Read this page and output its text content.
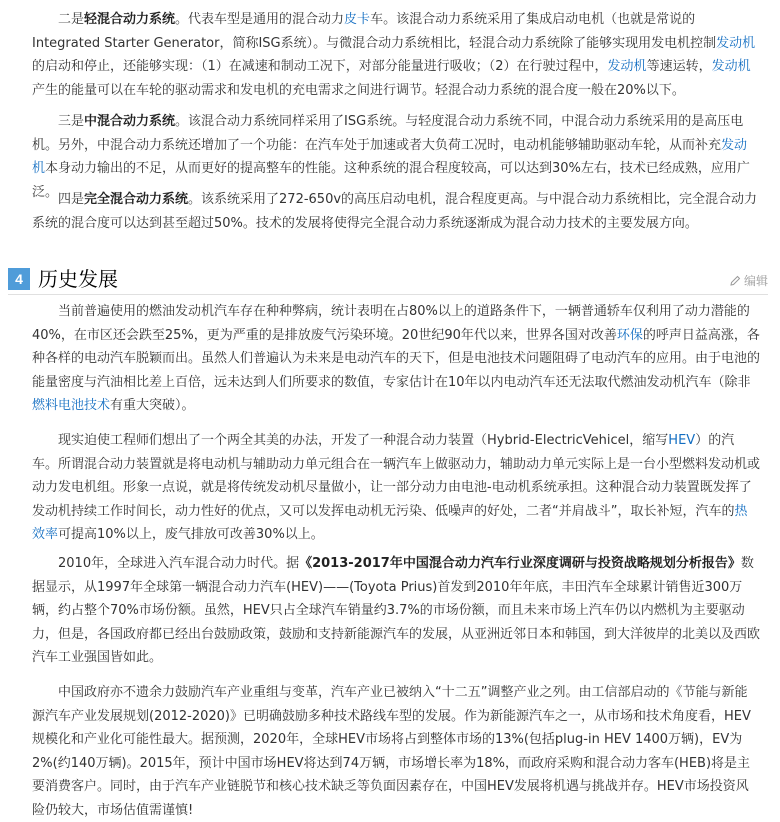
二是轻混合动力系统。代表车型是通用的混合动力皮卡车。该混合动力系统采用了集成启动电机（也就是常说的Integrated Starter Generator，简称ISG系统）。与微混合动力系统相比，轻混合动力系统除了能够实现用发电机控制发动机的启动和停止，还能够实现：（1）在减速和制动工况下，对部分能量进行吸收；（2）在行驶过程中，发动机等速运转，发动机产生的能量可以在车轮的驱动需求和发电机的充电需求之间进行调节。轻混合动力系统的混合度一般在20%以下。

三是中混合动力系统。该混合动力系统同样采用了ISG系统。与轻度混合动力系统不同，中混合动力系统采用的是高压电机。另外，中混合动力系统还增加了一个功能：在汽车处于加速或者大负荷工况时，电动机能够辅助驱动车轮，从而补充发动机本身动力输出的不足，从而更好的提高整车的性能。这种系统的混合程度较高，可以达到30%左右，技术已经成熟，应用广泛。 四是完全混合动力系统。该系统采用了272-650v的高压启动电机，混合程度更高。与中混合动力系统相比，完全混合动力系统的混合度可以达到甚至超过50%。技术的发展将使得完全混合动力系统逐渐成为混合动力技术的主要发展方向。

4 历史发展	编辑

当前普遍使用的燃油发动机汽车存在种种弊病，统计表明在占80%以上的道路条件下，一辆普通轿车仅利用了动力潜能的40%，在市区还会跌至25%，更为严重的是排放废气污染环境。20世纪90年代以来，世界各国对改善环保的呼声日益高涨，各种各样的电动汽车脱颖而出。虽然人们普遍认为未来是电动汽车的天下，但是电池技术问题阻碍了电动汽车的应用。由于电池的能量密度与汽油相比差上百倍，远未达到人们所要求的数值，专家估计在10年以内电动汽车还无法取代燃油发动机汽车（除非燃料电池技术有重大突破）。

现实迫使工程师们想出了一个两全其美的办法，开发了一种混合动力装置（Hybrid-ElectricVehicel，缩写HEV）的汽车。所谓混合动力装置就是将电动机与辅助动力单元组合在一辆汽车上做驱动力，辅助动力单元实际上是一台小型燃料发动机或动力发电机组。形象一点说，就是将传统发动机尽量做小，让一部分动力由电池-电动机系统承担。这种混合动力装置既发挥了发动机持续工作时间长，动力性好的优点，又可以发挥电动机无污染、低噪声的好处，二者“并肩战斗”，取长补短，汽车的热效率可提高10%以上，废气排放可改善30%以上。

2010年，全球进入汽车混合动力时代。据《2013-2017年中国混合动力汽车行业深度调研与投资战略规划分析报告》数据显示，从1997年全球第一辆混合动力汽车(HEV)——(Toyota Prius)首发到2010年年底，丰田汽车全球累计销售近300万辆，约占整个70%市场份额。虽然，HEV只占全球汽车销量约3.7%的市场份额，而且未来市场上汽车仍以内燃机为主要驱动力，但是，各国政府都已经出台鼓励政策，鼓励和支持新能源汽车的发展，从亚洲近邻日本和韩国，到大洋彼岸的北美以及西欧汽车工业强国皆如此。

中国政府亦不遗余力鼓励汽车产业重组与变革，汽车产业已被纳入“十二五”调整产业之列。由工信部启动的《节能与新能源汽车产业发展规划(2012-2020)》已明确鼓励多种技术路线车型的发展。作为新能源汽车之一，从市场和技术角度看，HEV规模化和产业化可能性最大。据预测，2020年，全球HEV市场将占到整体市场的13%(包括plug-in HEV 1400万辆)，EV为2%(约140万辆)。2015年，预计中国市场HEV将达到74万辆，市场增长率为18%，而政府采购和混合动力客车(HEB)将是主要消费客户。同时，由于汽车产业链脱节和核心技术缺乏等负面因素存在，中国HEV发展将机遇与挑战并存。HEV市场投资风险仍较大，市场估值需谨慎!
